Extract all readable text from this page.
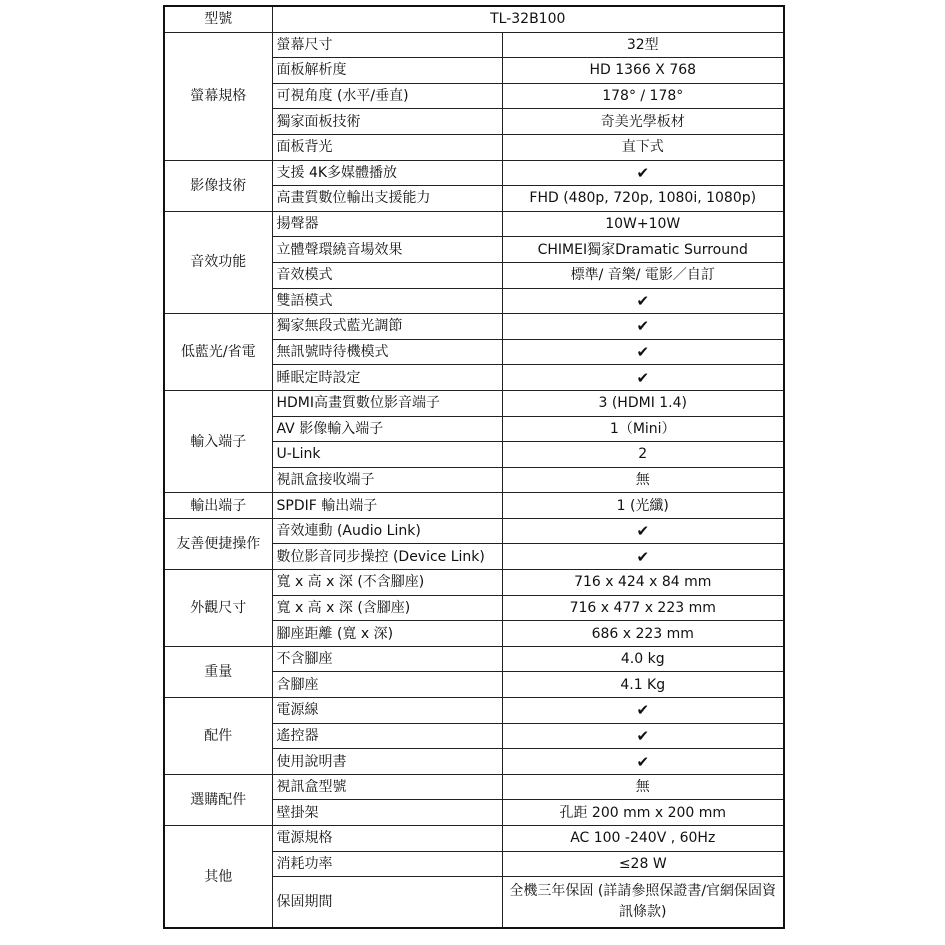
型號	TL-32B100	
螢幕規格	螢幕尺寸	32型
	面板解析度	HD 1366 X 768
	可視角度 (水平/垂直)	178° / 178°
	獨家面板技術	奇美光學板材
	面板背光	直下式
影像技術	支援 4K多媒體播放	✔
	高畫質數位輸出支援能力	FHD (480p, 720p, 1080i, 1080p)
音效功能	揚聲器	10W+10W
	立體聲環繞音場效果	CHIMEI獨家Dramatic Surround
	音效模式	標準/ 音樂/ 電影／自訂
	雙語模式	✔
低藍光/省電	獨家無段式藍光調節	✔
	無訊號時待機模式	✔
	睡眠定時設定	✔
輸入端子	HDMI高畫質數位影音端子	3 (HDMI 1.4)
	AV 影像輸入端子	1（Mini）
	U-Link	2
	視訊盒接收端子	無
輸出端子	SPDIF 輸出端子	1 (光纖)
友善便捷操作	音效連動 (Audio Link)	✔
	數位影音同步操控 (Device Link)	✔
外觀尺寸	寬 x 高 x 深 (不含腳座)	716 x 424 x 84 mm
	寬 x 高 x 深 (含腳座)	716 x 477 x 223 mm
	腳座距離 (寬 x 深)	686 x 223 mm
重量	不含腳座	4.0 kg
	含腳座	4.1 Kg
配件	電源線	✔
	遙控器	✔
	使用說明書	✔
選購配件	視訊盒型號	無
	壁掛架	孔距 200 mm x 200 mm
其他	電源規格	AC 100 -240V , 60Hz
	消耗功率	≤28 W
	保固期間	全機三年保固 (詳請參照保證書/官網保固資訊條款)
